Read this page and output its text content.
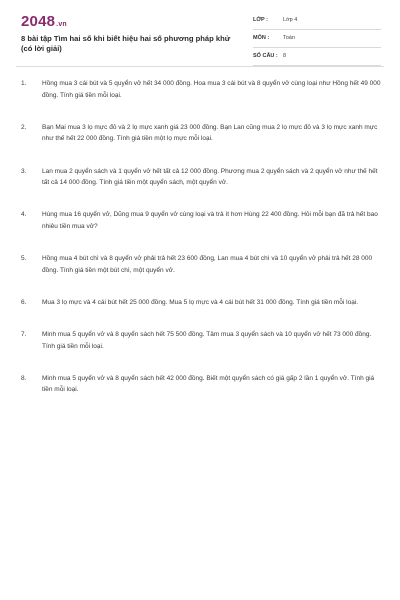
2048.vn
8 bài tập Tìm hai số khi biết hiệu hai số phương pháp khử (có lời giải)
LỚP :	Lớp 4
MÔN :	Toán
SỐ CÂU : 8
1. Hồng mua 3 cái bút và 5 quyển vở hết 34 000 đồng. Hoa mua 3 cái bút và 8 quyển vở cùng loại như Hồng hết 49 000 đồng. Tính giá tiền mỗi loại.
2. Bạn Mai mua 3 lọ mực đỏ và 2 lọ mực xanh giá 23 000 đồng. Bạn Lan cũng mua 2 lọ mực đỏ và 3 lọ mực xanh mực như thế hết 22 000 đồng. Tính giá tiền một lọ mực mỗi loại.
3. Lan mua 2 quyển sách và 1 quyển vở hết tất cả 12 000 đồng. Phương mua 2 quyển sách và 2 quyển vở như thế hết tất cả 14 000 đồng. Tính giá tiền một quyển sách, một quyển vở.
4. Hùng mua 16 quyển vở, Dũng mua 9 quyển vở cùng loại và trả ít hơn Hùng 22 400 đồng. Hỏi mỗi bạn đã trả hết bao nhiêu tiền mua vở?
5. Hồng mua 4 bút chì và 8 quyển vở phải trả hết 23 600 đồng, Lan mua 4 bút chì và 10 quyển vở phải trả hết 28 000 đồng. Tính giá tiền một bút chì, một quyển vở.
6. Mua 3 lọ mực và 4 cái bút hết 25 000 đồng. Mua 5 lọ mực và 4 cái bút hết 31 000 đồng. Tính giá tiền mỗi loại.
7. Minh mua 5 quyển vở và 8 quyển sách hết 75 500 đồng. Tâm mua 3 quyển sách và 10 quyển vở hết 73 000 đồng. Tính giá tiền mỗi loại.
8. Minh mua 5 quyển vở và 8 quyển sách hết 42 000 đồng. Biết một quyển sách có giá gấp 2 lần 1 quyển vở. Tính giá tiền mỗi loại.
